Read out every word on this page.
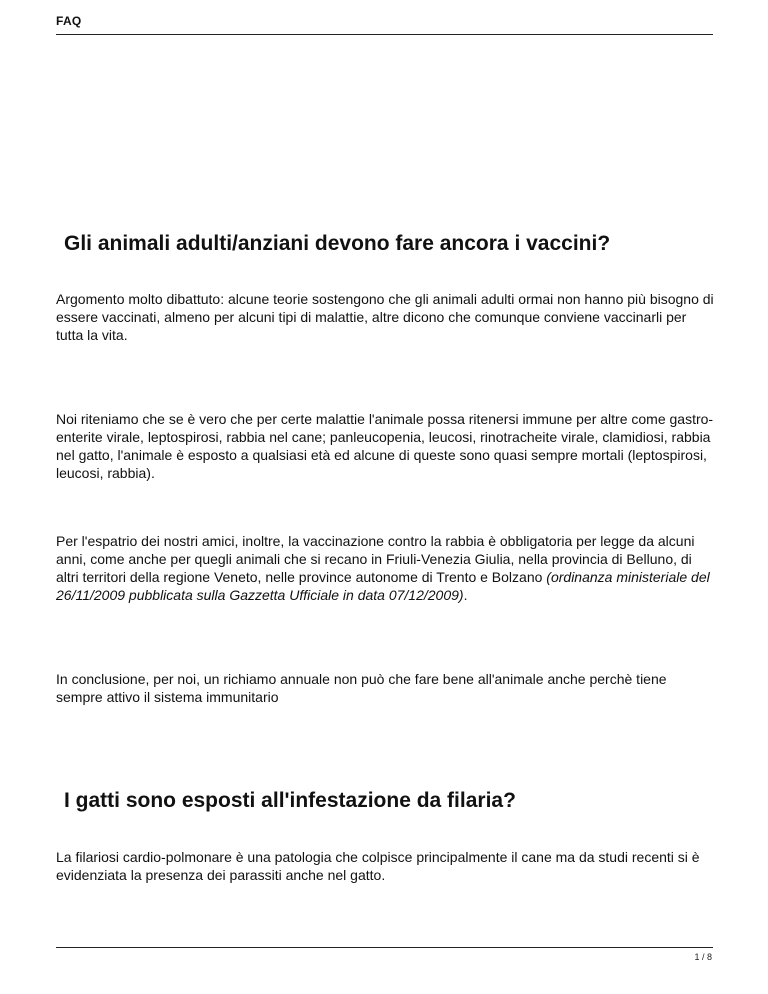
FAQ
Gli animali adulti/anziani devono fare ancora i vaccini?

Argomento molto dibattuto: alcune teorie sostengono che gli animali adulti ormai non hanno più bisogno di essere vaccinati, almeno per alcuni tipi di malattie, altre dicono che comunque conviene vaccinarli per tutta la vita.

Noi riteniamo che se è vero che per certe malattie l'animale possa ritenersi immune per altre come gastro-enterite virale, leptospirosi, rabbia nel cane; panleucopenia, leucosi, rinotracheite virale, clamidiosi, rabbia nel gatto, l'animale è esposto a qualsiasi età ed alcune di queste sono quasi sempre mortali (leptospirosi, leucosi, rabbia).

Per l'espatrio dei nostri amici, inoltre, la vaccinazione contro la rabbia è obbligatoria per legge da alcuni anni, come anche per quegli animali che si recano in Friuli-Venezia Giulia, nella provincia di Belluno, di altri territori della regione Veneto, nelle province autonome di Trento e Bolzano (ordinanza ministeriale del 26/11/2009 pubblicata sulla Gazzetta Ufficiale in data 07/12/2009).

In conclusione, per noi, un richiamo annuale non può che fare bene all'animale anche perchè tiene sempre attivo il sistema immunitario

I gatti sono esposti all'infestazione da filaria?

La filariosi cardio-polmonare è una patologia che colpisce principalmente il cane ma da studi recenti si è evidenziata la presenza dei parassiti anche nel gatto.

1 / 8
